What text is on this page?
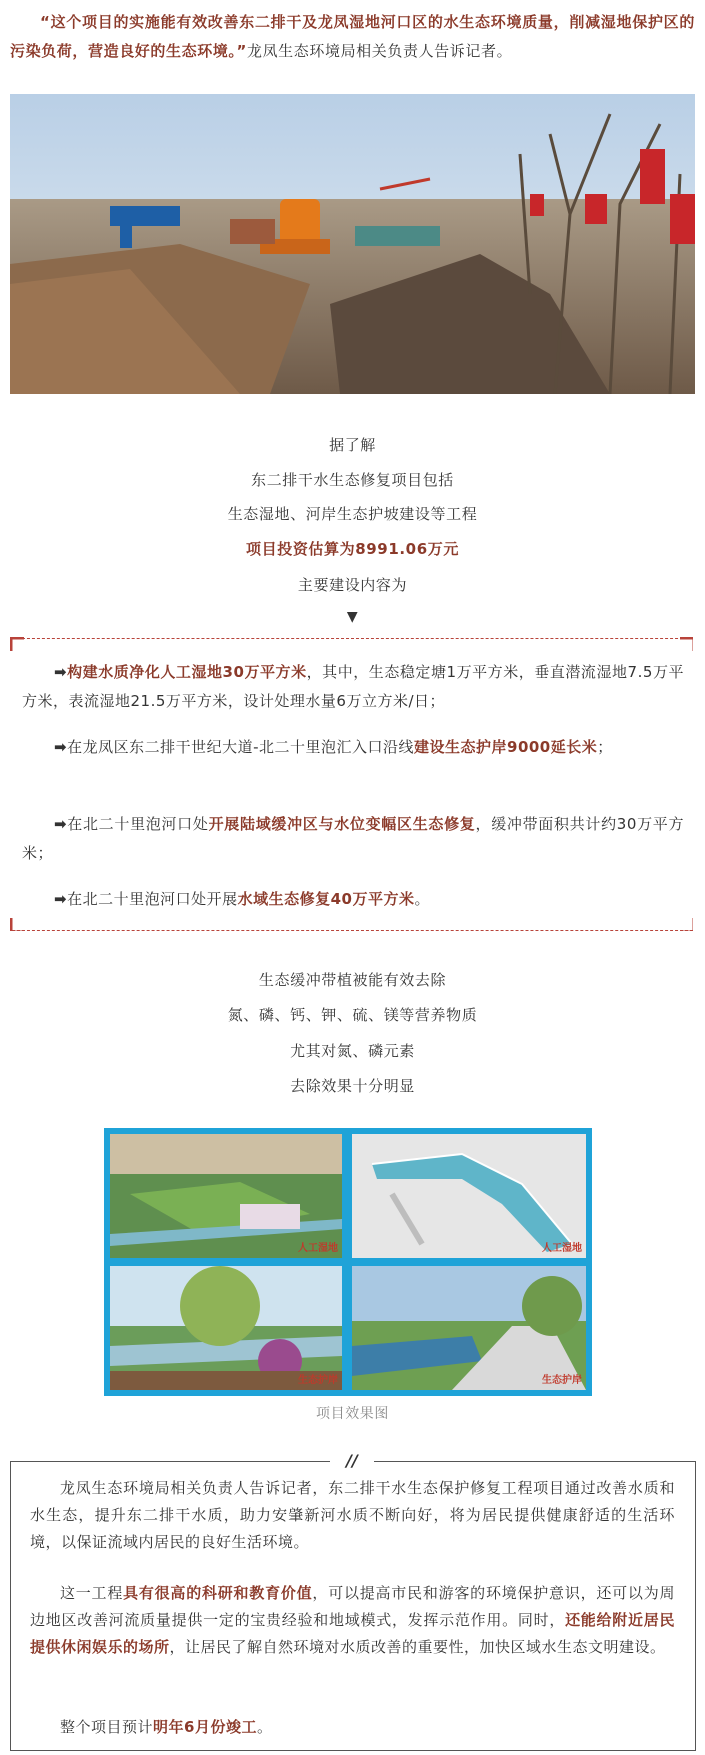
“这个项目的实施能有效改善东二排干及龙凤湿地河口区的水生态环境质量，削减湿地保护区的污染负荷，营造良好的生态环境。”龙凤生态环境局相关负责人告诉记者。
据了解
东二排干水生态修复项目包括
生态湿地、河岸生态护坡建设等工程
项目投资估算为8991.06万元
主要建设内容为
▼
➡构建水质净化人工湿地30万平方米，其中，生态稳定塘1万平方米，垂直潜流湿地7.5万平方米，表流湿地21.5万平方米，设计处理水量6万立方米/日；
➡在龙凤区东二排干世纪大道-北二十里泡汇入口沿线建设生态护岸9000延长米；
➡在北二十里泡河口处开展陆域缓冲区与水位变幅区生态修复，缓冲带面积共计约30万平方米；
➡在北二十里泡河口处开展水域生态修复40万平方米。
生态缓冲带植被能有效去除
氮、磷、钙、钾、硫、镁等营养物质
尤其对氮、磷元素
去除效果十分明显
人工湿地	人工湿地
生态护岸	生态护岸
项目效果图
//
龙凤生态环境局相关负责人告诉记者，东二排干水生态保护修复工程项目通过改善水质和水生态，提升东二排干水质，助力安肇新河水质不断向好，将为居民提供健康舒适的生活环境，以保证流域内居民的良好生活环境。
这一工程具有很高的科研和教育价值，可以提高市民和游客的环境保护意识，还可以为周边地区改善河流质量提供一定的宝贵经验和地域模式，发挥示范作用。同时，还能给附近居民提供休闲娱乐的场所，让居民了解自然环境对水质改善的重要性，加快区域水生态文明建设。
整个项目预计明年6月份竣工。
